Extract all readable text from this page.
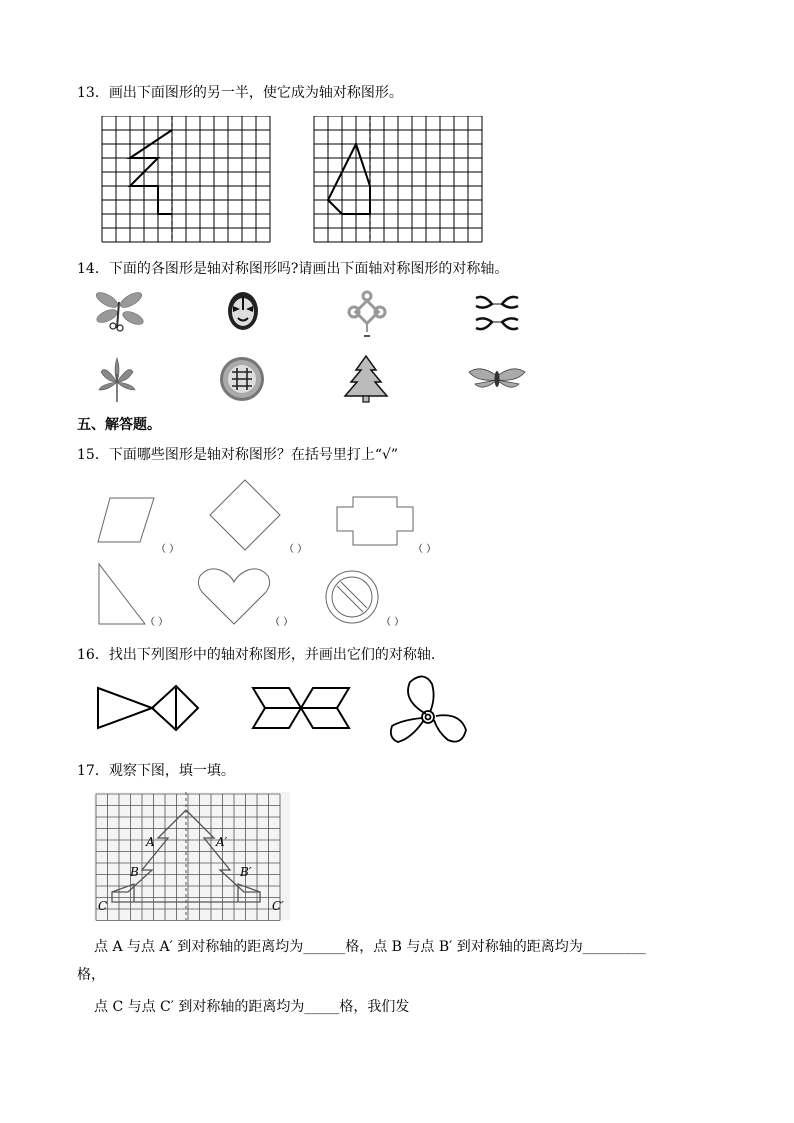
13．画出下面图形的另一半，使它成为轴对称图形。
14．下面的各图形是轴对称图形吗?请画出下面轴对称图形的对称轴。
五、解答题。
15．下面哪些图形是轴对称图形？在括号里打上“√”
（ ）	（ ）	（ ）
（ ）	（ ）	（ ）
16．找出下列图形中的轴对称图形，并画出它们的对称轴.
17．观察下图，填一填。
A	A′
B	B′
C	C′
点 A 与点 A′ 到对称轴的距离均为______格，点 B 与点 B′ 到对称轴的距离均为_________
格，
点 C 与点 C′ 到对称轴的距离均为_____格，我们发
